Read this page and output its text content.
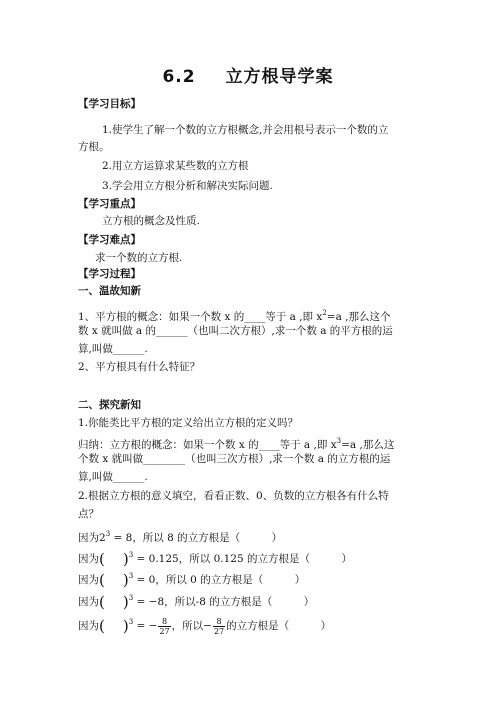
6.2 立方根导学案
【学习目标】
1.使学生了解一个数的立方根概念,并会用根号表示一个数的立
方根。
2.用立方运算求某些数的立方根
3.学会用立方根分析和解决实际问题.
【学习重点】
立方根的概念及性质.
【学习难点】
求一个数的立方根.
【学习过程】
一、温故知新
1、平方根的概念：如果一个数 x 的____等于 a ,即 $x^2=a$ ,那么这个
数 x 就叫做 a 的______（也叫二次方根）,求一个数 a 的平方根的运
算,叫做______.
2、平方根具有什么特征？
二、探究新知
1.你能类比平方根的定义给出立方根的定义吗？
归纳：立方根的概念：如果一个数 x 的____等于 a ,即 $x^3=a$ ,那么这
个数 x 就叫做________（也叫三次方根）,求一个数 a 的立方根的运
算,叫做______.
2.根据立方根的意义填空，看看正数、0、负数的立方根各有什么特
点？
因为$2^3 = 8$，所以 8 的立方根是（　　　）
因为( )$^3$ = 0.125，所以 0.125 的立方根是（　　　）
因为( )$^3$ = 0，所以 0 的立方根是（　　　）
因为( )$^3$ = −8，所以-8 的立方根是（　　　）
因为( )$^3$ = − $\frac{8}{27}$ ，所以− $\frac{8}{27}$ 的立方根是（　　　）
